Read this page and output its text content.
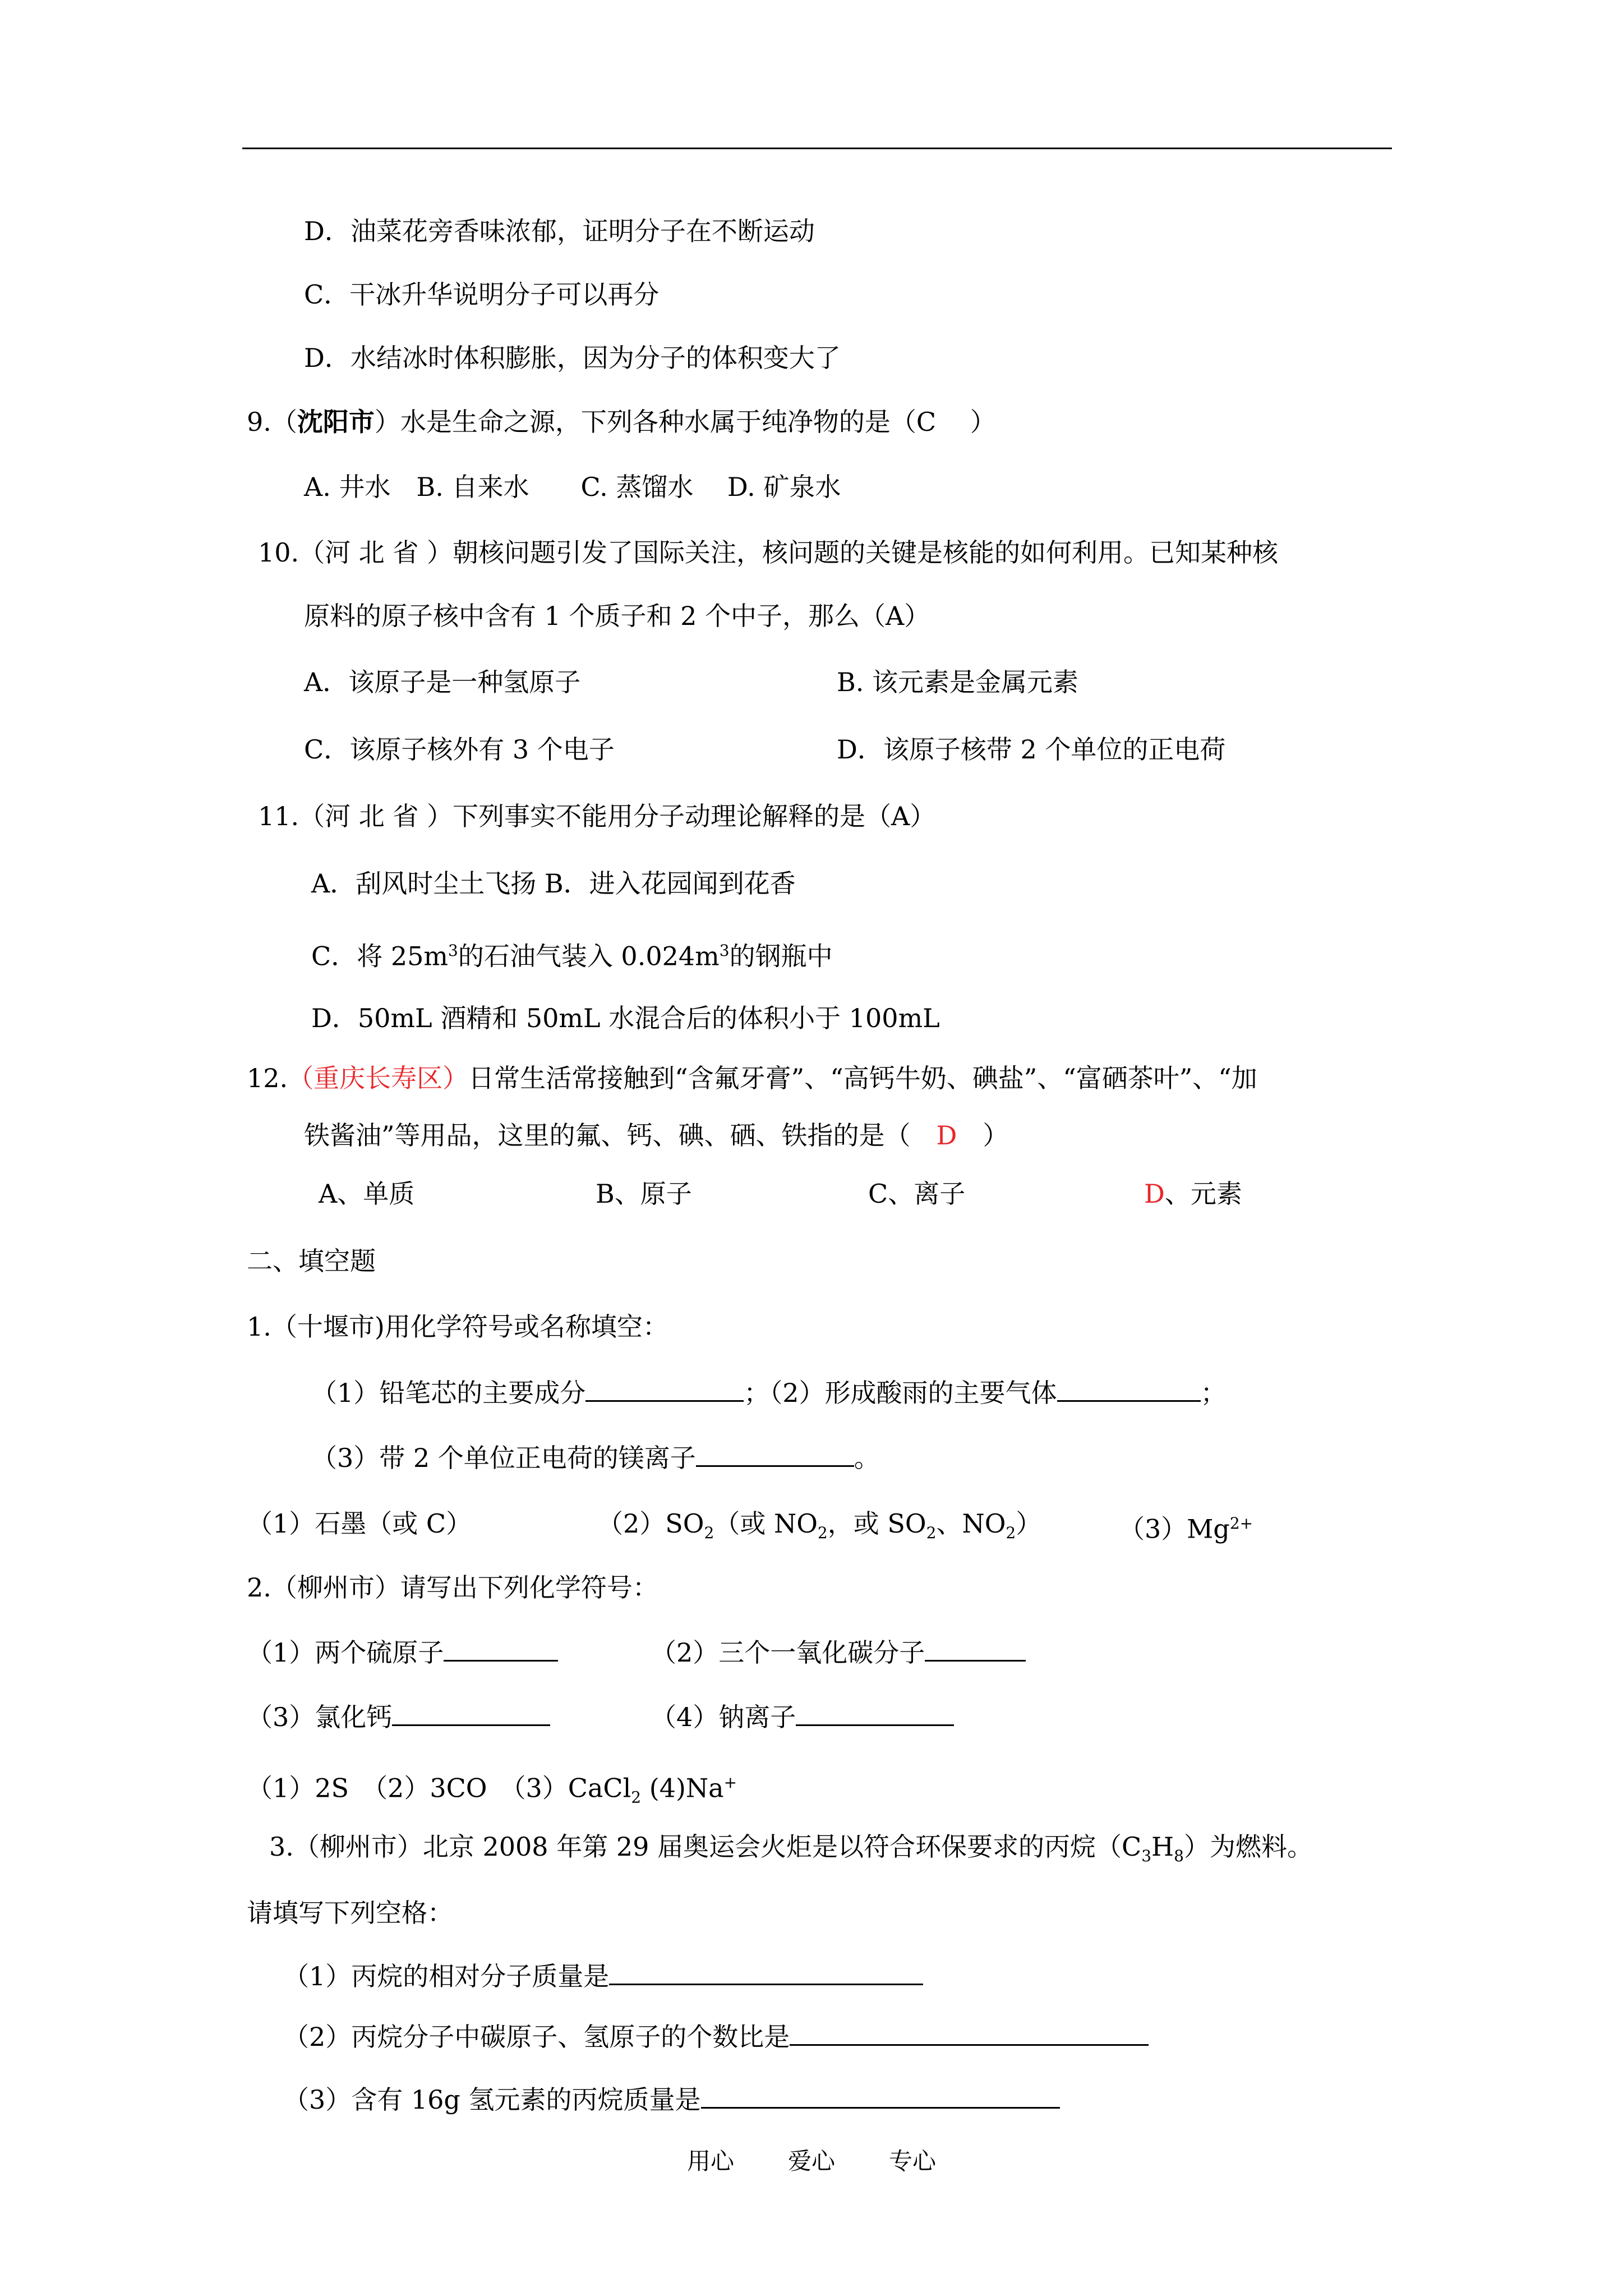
D．油菜花旁香味浓郁，证明分子在不断运动
C．干冰升华说明分子可以再分
D．水结冰时体积膨胀，因为分子的体积变大了
9.（沈阳市）水是生命之源，下列各种水属于纯净物的是（C　 ）
A. 井水　B. 自来水　　C. 蒸馏水　 D. 矿泉水
10.（河 北 省 ）朝核问题引发了国际关注，核问题的关键是核能的如何利用。已知某种核
原料的原子核中含有 1 个质子和 2 个中子，那么（A）
A．该原子是一种氢原子	B. 该元素是金属元素
C．该原子核外有 3 个电子	D．该原子核带 2 个单位的正电荷
11.（河 北 省 ）下列事实不能用分子动理论解释的是（A）
A．刮风时尘土飞扬 B．进入花园闻到花香
C．将 $25m^3$的石油气装入 $0.024m^3$的钢瓶中
D．50mL 酒精和 50mL 水混合后的体积小于 100mL
12.（重庆长寿区）日常生活常接触到“含氟牙膏”、“高钙牛奶、碘盐”、“富硒茶叶”、“加
铁酱油”等用品，这里的氟、钙、碘、硒、铁指的是（　D　）
A、单质	B、原子	C、离子	D、元素
二、填空题
1.（十堰市)用化学符号或名称填空：
（1）铅笔芯的主要成分	；（2）形成酸雨的主要气体	；
（3）带 2 个单位正电荷的镁离子	。
（1）石墨（或 C）	$(2)SO_2$（或 $NO_2$，或 $SO_2$、$NO_2$）	$(3)Mg^{2+}$
2.（柳州市）请写出下列化学符号：
（1）两个硫原子	（2）三个一氧化碳分子
（3）氯化钙	（4）钠离子
（1）2S　（2）3CO　（3）CaCl$_2$ (4)Na+
3.（柳州市）北京 2008 年第 29 届奥运会火炬是以符合环保要求的丙烷$(C_3H_8)$为燃料。
请填写下列空格：
（1）丙烷的相对分子质量是
（2）丙烷分子中碳原子、氢原子的个数比是
（3）含有 16g 氢元素的丙烷质量是
用心 爱心 专心
